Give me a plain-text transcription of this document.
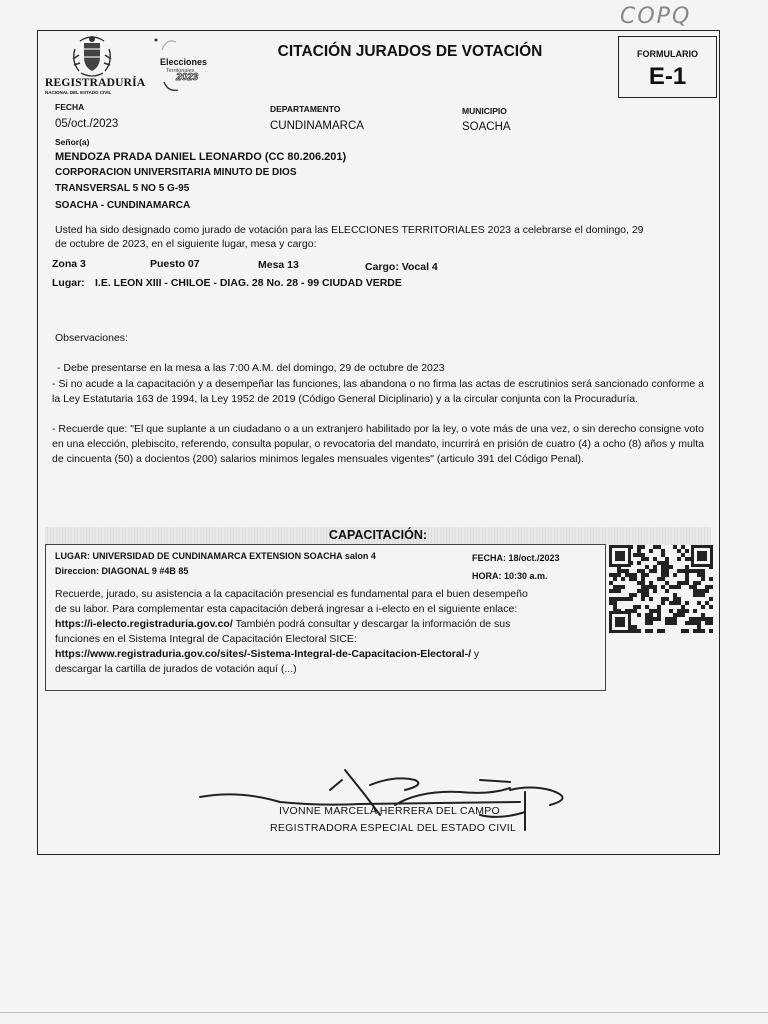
COPQ
REGISTRADURÍA
NACIONAL DEL ESTADO CIVIL
Elecciones
Territoriales
2023
CITACIÓN JURADOS DE VOTACIÓN	FORMULARIO
E-1
FECHA
05/oct./2023
DEPARTAMENTO
CUNDINAMARCA
MUNICIPIO
SOACHA
Señor(a)
MENDOZA PRADA DANIEL LEONARDO (CC 80.206.201)
CORPORACION UNIVERSITARIA MINUTO DE DIOS
TRANSVERSAL 5 NO 5 G-95
SOACHA - CUNDINAMARCA
Usted ha sido designado como jurado de votación para las ELECCIONES TERRITORIALES 2023 a celebrarse el domingo, 29
de octubre de 2023, en el siguiente lugar, mesa y cargo:
Zona 3	Puesto 07	Mesa 13	Cargo: Vocal 4
Lugar: I.E. LEON XIII - CHILOE - DIAG. 28 No. 28 - 99 CIUDAD VERDE
Observaciones:
- Debe presentarse en la mesa a las 7:00 A.M. del domingo, 29 de octubre de 2023
- Si no acude a la capacitación y a desempeñar las funciones, las abandona o no firma las actas de escrutinios será sancionado conforme a la Ley Estatutaria 163 de 1994, la Ley 1952 de 2019 (Código General Diciplinario) y a la circular conjunta con la Procuraduría.
- Recuerde que: "El que suplante a un ciudadano o a un extranjero habilitado por la ley, o vote más de una vez, o sin derecho consigne voto en una elección, plebiscito, referendo, consulta popular, o revocatoria del mandato, incurrirá en prisión de cuatro (4) a ocho (8) años y multa de cincuenta (50) a docientos (200) salarios minimos legales mensuales vigentes" (articulo 391 del Código Penal).
CAPACITACIÓN:
LUGAR: UNIVERSIDAD DE CUNDINAMARCA EXTENSION SOACHA salon 4
Direccion: DIAGONAL 9 #4B 85
FECHA: 18/oct./2023
HORA: 10:30 a.m.
Recuerde, jurado, su asistencia a la capacitación presencial es fundamental para el buen desempeño
de su labor. Para complementar esta capacitación deberá ingresar a i-electo en el siguiente enlace:
https://i-electo.registraduria.gov.co/ También podrá consultar y descargar la información de sus
funciones en el Sistema Integral de Capacitación Electoral SICE:
https://www.registraduria.gov.co/sites/-Sistema-Integral-de-Capacitacion-Electoral-/ y
descargar la cartilla de jurados de votación aquí (...)
IVONNE MARCELA HERRERA DEL CAMPO
REGISTRADORA ESPECIAL DEL ESTADO CIVIL
